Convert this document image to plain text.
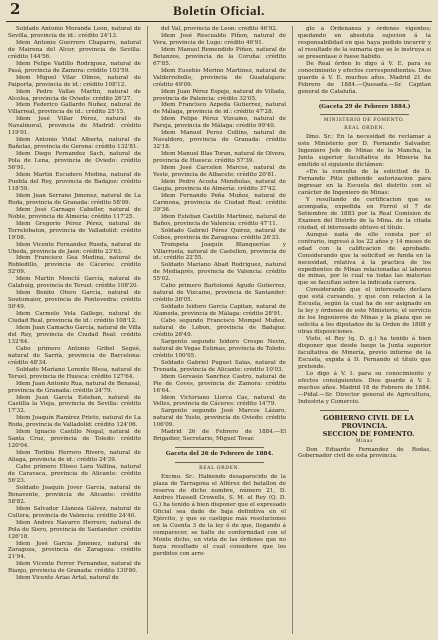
2	Boletín Oficial.

Soldado Antonio Moranda Leon, natural de Sevilla, provincia de id.: crédito 24'13.

Idem Antonio Guerrero Chaparro, natural de Mairena del Alcor, provincia de Sevilla: crédito 144'56.

Idem Felipe Vadillo Rodriguez, natural de Pasá, provincia de Zamora: crédito 103'59.

Idem Miguel Vilar Olmos, natural de Paiporta, provincia de id.: crédito 108'12.

Idem Pedro Vallas Martin, natural de Alcolea, provincia de Oviedo: crédito 26'27.

Idem Federico Gallardo Nuñez, natural de Villarreal, provincia de id.: crédito 25'15.

Idem José Villar Pérez, natural de Navalmoral, provincia de Madrid: crédito 119'01.

Idem Antonio Vidal Alberta, natural de Bañolas, provincia de Gerona: crédito 132'81.

Idem Diego Fernandez Sach, natural de Pola de Lena, provincia de Oviedo: crédito 56'91.

Idem Martin Escudero Medina, natural de Puebla del Rey, provincia de Badajoz: crédito 118'59.

Idem Juan Serrano Jimenez, natural de La Roda, provincia de Granada: crédito 58'09.

Idem José Carnago Cabeller, natural de Noble, provincia de Almería: crédito 117'25.

Idem Gregorio Pérez Pérez, natural de Torrelobaton, provincia de Valladolid: crédito 19'08.

Idem Vicente Fernandez Rueda, natural de Ubeda, provincia de Jaen: crédito 23'63.

Idem Francisco Gea Medina, natural de Robledillo, provincia de Cáceres: crédito 52'09.

Idem Martin Monclú García, natural de Calabuig, provincia de Teruel: crédito 108'20.

Idem Benito Otero Garcia, natural de Soutomaior, provincia de Pontevedra: crédito 50'49.

Idem Carmelo Vela Gallego, natural de Ciudad Real, provincia de id.: crédito 108'12.

Idem Juan Camacho Garcia, natural de Villa del Rey, provincia de Ciudad Real: crédito 132'64.

Cabo primero Antonio Gribel Segué, natural de Sarrià, provincia de Barcelona: crédito 48'34.

Soldado Mariano Lorente Blesa, natural de Teruel, provincia de Huesca: crédito 127'64.

Idem Juan Antonio Rua, natural de Benasal, provincia de Granada: crédito 24'79.

Idem Juan Garcia Esteban, natural de Castilla la Vieja, provincia de Sevilla: crédito 17'32.

Idem Joaquín Ramirez Prieto, natural de La Roda, provincia de Valladolid: crédito 124'06.

Idem Ignacio Castillo Nogal, natural de Santa Cruz, provincia de Toledo: crédito 120'04.

Idem Toribio Herrero Rivero, natural de Aliaga, provincia de id.: crédito 24'39.

Cabo primero Eliseo Lara Vallina, natural de Caravaca, provincia de Alicante: crédito 56'23.

Soldado Joaquin Jover Garcia, natural de Benavente, provincia de Alicante: crédito 58'82.

Idem Salvador Llaneza Gálvez, natural de Cullera, provincia de Valencia: crédito 24'40.

Idem Andres Navarro Herrero, natural de Pola de Siero, provincia de Santander: crédito 126'18.

Idem José Garcia Jimenez, natural de Zaragoza, provincia de Zaragoza: crédito 21'94.

Idem Vicente Ferrer Fernandez, natural de Rianjo, provincia de Granada: crédito 130'80.

Idem Vicente Arias Artal, natural de

del Val, provincia de Leon: crédito 46'92.

Idem José Rescualdo Piñon, natural de Vera, provincia de Lugo: crédito 46'91.

Idem Manuel Remendido Piñon, natural de Betanzos, provincia de la Coruña: crédito 67'85.

Idem Eusebio Merino Martinez, natural de Valderrebollo, provincia de Guadalajara: crédito 49'09.

Idem Juan Pérez Espejo, natural de Villada, provincia de Palencia: crédito 32'05.

Idem Francisco Azpeda Gutierrez, natural de Málaga, provincia de id.: crédito 47'28.

Idem Felipe Pérez Vizcaino, natural de Pareja, provincia de Málaga: crédito 99'40.

Idem Manuel Perez Collins, natural de Navaldoro, provincia de Granada: crédito 32'18.

Idem Manuel Blas Toran, natural de Olvera, provincia de Huesca: crédito 57'39.

Idem José Carcelen Marcos, natural de Yeste, provincia de Albacete: crédito 20'81.

Idem Pedro Acosta Mendiolas, natural de Gaujia, provincia de Almería: crédito 37'42.

Idem Fernando Peña Muñoz, natural de Carmona, provincia de Ciudad Real: crédito 39'36.

Idem Esteban Castillo Martinez, natural de Baños, provincia de Valencia: crédito 47'11.

Soldado Gabriel Pérez Quiroz, natural de Cobos, provincia de Zaragoza: crédito 26'33.

Trompeta Joaquín Blanquerías y Villarruela, natural de Castellon, provincia de id.: crédito 22'55.

Soldado Mariano Abad Rodriguez, natural de Mediaprés, provincia de Valencia: crédito 55'02.

Cabo primero Bartolomé Agudo Gutierrez, natural de Vizcaino, provincia de Santander: crédito 36'05.

Soldado Isidoro Garcia Capitan, natural de Alameda, provincia de Málaga: crédito 28'91.

Cabo segundo Francisco Mompel Muñoz, natural de Lobon, provincia de Badajoz: crédito 26'49.

Sargento segundo Isidoro Crespo Nevin, natural de Vegas Estimas, provincia de Toledo: crédito 100'05.

Soldado Gabriel Puguet Salas, natural de Trenada, provincia de Alicante: crédito 10'03.

Idem Gervasio Sanchez Castro, natural de Pie de Coves, provincia de Zamora: crédito 16'64.

Idem Victoriano Llorca Cas, natural de Velles, provincia de Cáceres: crédito 14'79.

Sargento segundo José Marcos Lázaro, natural de Yuste, provincia de Oviedo: crédito 106'09.

Madrid 26 de Febrero de 1884.—El Brigadier, Secretario, Miguel Tovar.

Gaceta del 26 de Febrero de 1884.

REAL ORDEN.

Excmo. Sr.: Habiendo desaparecido de la plaza de Tarragona el Alférez del batallon de reserva de dicho nombre, número 21, D. Andres Hassell Crowells, S. M. el Rey (Q. D. G.) ha tenido á bien disponer que el expresado Oficial sea dado de baja definitiva en el Ejército, y que se castigue más resoluciones en la Cuenta 3 de la ley ó de que, llegando á comparecer, se halle de conformidad con el Monte dicho, en vista de las órdenes que no haya resultado el cual considere que los perdidos con arre-

glo á Ordenanza y órdenes vigentes; quedando en absoluta sujecion á la responsabilidad en que haya podido incurrir y al resultado de la sumaria que se le instruya si se presentase ó fuese habido.

De Real órden lo digo á V. E. para su conocimiento y efectos correspondientes. Dios guarde á V. E. muchos años. Madrid 21 de Febrero de 1884.—Quesada.—Sr. Capitan general de Cataluña.

(Gaceta 29 de Febrero 1884.)

MINISTERIO DE FOMENTO.

REAL ORDEN.

Ilmo. Sr.: En la necesidad de reclamar a este Ministerio por D. Fernando Salvador, Ingeniero Jefe de Minas de la Mancha, la Junta superior facultativa de Minería ha emitido el siguiente dictámen:

«En la consulta de la solicitud de D. Fernando Pitiz pidiendo autorizacion para ingresar en la Escuela del distrito con el carácter de Ingeniero de Minas:

Y resultando de certificacion que se acompaña, expedida en Ferrol el 7 de Setiembre de 1883 por la Real Comision de Examen del Distrito de la Mina. de la citada ciudad, el interesado obtuvo el título.

Aunque nada de ello consta por el contrario, ingresó á los 22 años y 14 meses de edad con la calificacion de aprobado. Considerando que la solicitud se funda en la necesidad, relativa á la practica de los expedientes de Minas relacionadas al laboreo de minas, por lo cual va todas las materias que se facultan sobre la indicada carrera.

Considerando que el interesado declara que está cursando, y que con relacion á la Escuela, según la cual ha de ser asignado en la ley y órdenes de este Ministerio, el servicio de los Ingenieros de Minas y la plaza que se solicita a los diputados de la Orden de 1808 y otras disposiciones.

Visto, el Rey (q. D. g.) ha tenido á bien disponer que desde luego la Junta superior facultativa de Minería, previo informe de la Escuela, expida á D. Fernando el título que pretende.

Lo digo á V. I. para su conocimiento y efectos consiguientes. Dios guarde á V. I. muchos años. Madrid 18 de Febrero de 1884.—Pidal.—Sr. Director general de Agricultura, Industria y Comercio.

GOBIERNO CIVIL DE LA PROVINCIA.

SECCION DE FOMENTO.

Minas

Don Eduardo Fernandez de Rodas, Gobernador civil de esta provincia.
